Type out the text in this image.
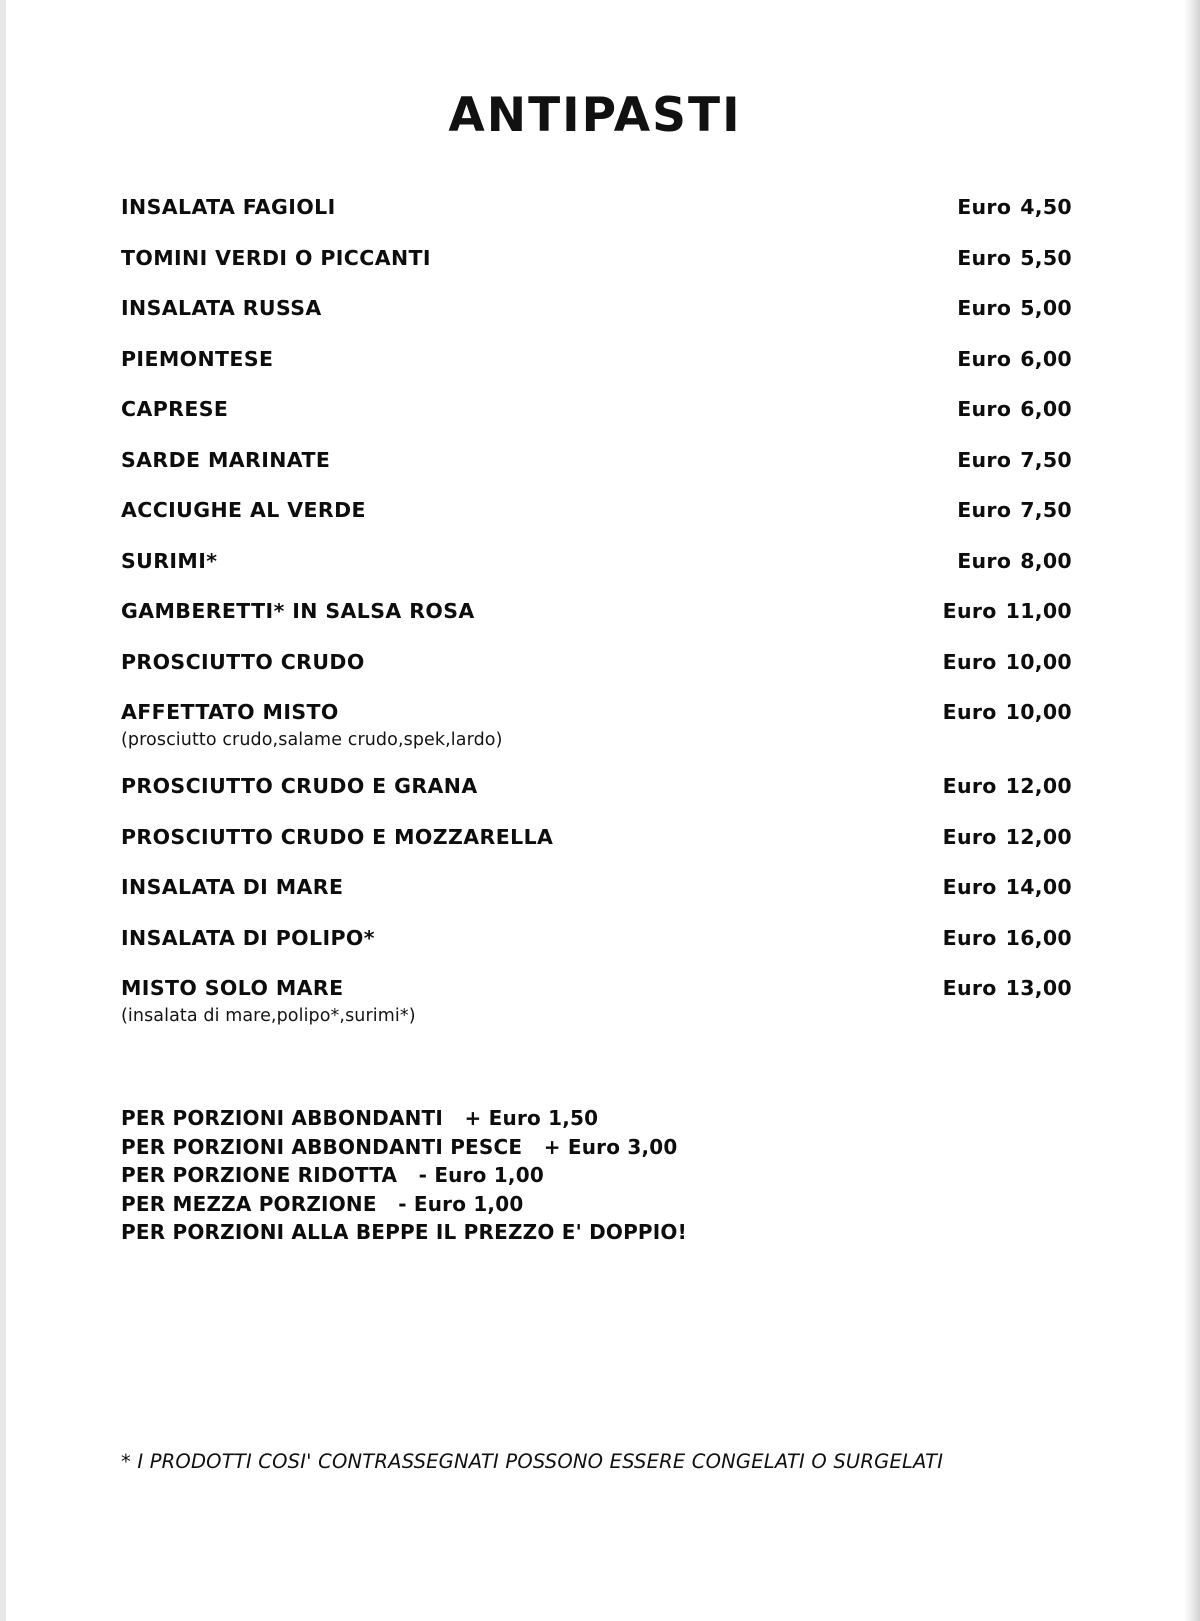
ANTIPASTI
INSALATA FAGIOLI	Euro 4,50
TOMINI VERDI O PICCANTI	Euro 5,50
INSALATA RUSSA	Euro 5,00
PIEMONTESE	Euro 6,00
CAPRESE	Euro 6,00
SARDE MARINATE	Euro 7,50
ACCIUGHE AL VERDE	Euro 7,50
SURIMI*	Euro 8,00
GAMBERETTI* IN SALSA ROSA	Euro 11,00
PROSCIUTTO CRUDO	Euro 10,00
AFFETTATO MISTO	Euro 10,00
(prosciutto crudo,salame crudo,spek,lardo)
PROSCIUTTO CRUDO E GRANA	Euro 12,00
PROSCIUTTO CRUDO E MOZZARELLA	Euro 12,00
INSALATA DI MARE	Euro 14,00
INSALATA DI POLIPO*	Euro 16,00
MISTO SOLO MARE	Euro 13,00
(insalata di mare,polipo*,surimi*)
PER PORZIONI ABBONDANTI   + Euro 1,50
PER PORZIONI ABBONDANTI PESCE   + Euro 3,00
PER PORZIONE RIDOTTA   - Euro 1,00
PER MEZZA PORZIONE   - Euro 1,00
PER PORZIONI ALLA BEPPE IL PREZZO E' DOPPIO!
* I PRODOTTI COSI' CONTRASSEGNATI POSSONO ESSERE CONGELATI O SURGELATI
